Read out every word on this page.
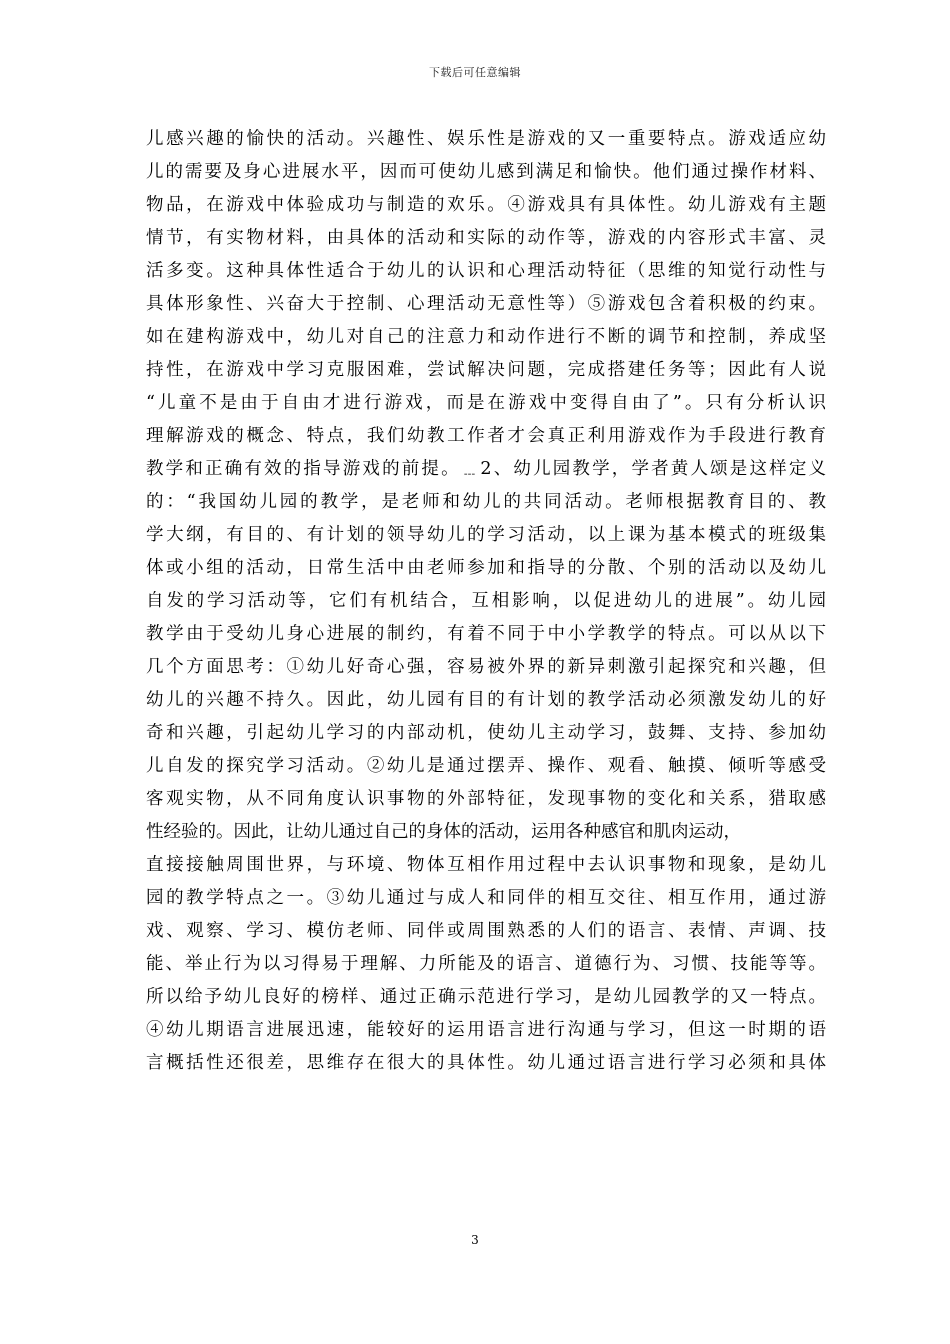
下载后可任意编辑
儿感兴趣的愉快的活动。兴趣性、娱乐性是游戏的又一重要特点。游戏适应幼
儿的需要及身心进展水平，因而可使幼儿感到满足和愉快。他们通过操作材料、
物品，在游戏中体验成功与制造的欢乐。④游戏具有具体性。幼儿游戏有主题
情节，有实物材料，由具体的活动和实际的动作等，游戏的内容形式丰富、灵
活多变。这种具体性适合于幼儿的认识和心理活动特征（思维的知觉行动性与
具体形象性、兴奋大于控制、心理活动无意性等）⑤游戏包含着积极的约束。
如在建构游戏中，幼儿对自己的注意力和动作进行不断的调节和控制，养成坚
持性，在游戏中学习克服困难，尝试解决问题，完成搭建任务等；因此有人说
“儿童不是由于自由才进行游戏，而是在游戏中变得自由了”。只有分析认识
理解游戏的概念、特点，我们幼教工作者才会真正利用游戏作为手段进行教育
教学和正确有效的指导游戏的前提。﹍2、幼儿园教学，学者黄人颂是这样定义
的：“我国幼儿园的教学，是老师和幼儿的共同活动。老师根据教育目的、教
学大纲，有目的、有计划的领导幼儿的学习活动，以上课为基本模式的班级集
体或小组的活动，日常生活中由老师参加和指导的分散、个别的活动以及幼儿
自发的学习活动等，它们有机结合，互相影响，以促进幼儿的进展”。幼儿园
教学由于受幼儿身心进展的制约，有着不同于中小学教学的特点。可以从以下
几个方面思考：①幼儿好奇心强，容易被外界的新异刺激引起探究和兴趣，但
幼儿的兴趣不持久。因此，幼儿园有目的有计划的教学活动必须激发幼儿的好
奇和兴趣，引起幼儿学习的内部动机，使幼儿主动学习，鼓舞、支持、参加幼
儿自发的探究学习活动。②幼儿是通过摆弄、操作、观看、触摸、倾听等感受
客观实物，从不同角度认识事物的外部特征，发现事物的变化和关系，猎取感
性经验的。因此，让幼儿通过自己的身体的活动，运用各种感官和肌肉运动，
直接接触周围世界，与环境、物体互相作用过程中去认识事物和现象，是幼儿
园的教学特点之一。③幼儿通过与成人和同伴的相互交往、相互作用，通过游
戏、观察、学习、模仿老师、同伴或周围熟悉的人们的语言、表情、声调、技
能、举止行为以习得易于理解、力所能及的语言、道德行为、习惯、技能等等。
所以给予幼儿良好的榜样、通过正确示范进行学习，是幼儿园教学的又一特点。
④幼儿期语言进展迅速，能较好的运用语言进行沟通与学习，但这一时期的语
言概括性还很差，思维存在很大的具体性。幼儿通过语言进行学习必须和具体
3
